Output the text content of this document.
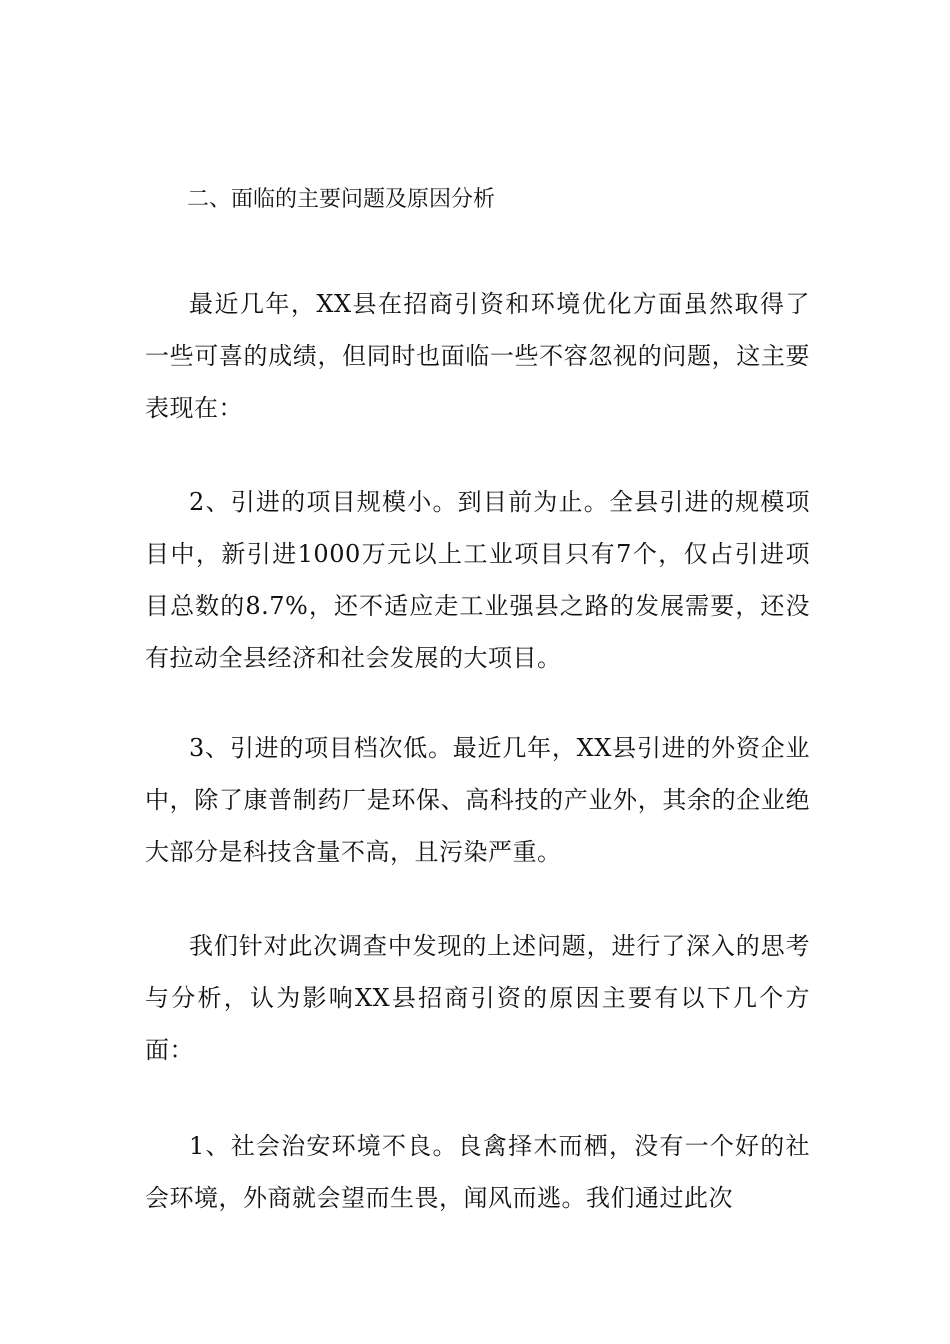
二、面临的主要问题及原因分析

最近几年，XX县在招商引资和环境优化方面虽然取得了一些可喜的成绩，但同时也面临一些不容忽视的问题，这主要表现在：

2、引进的项目规模小。到目前为止。全县引进的规模项目中，新引进1000万元以上工业项目只有7个，仅占引进项目总数的8.7%，还不适应走工业强县之路的发展需要，还没有拉动全县经济和社会发展的大项目。

3、引进的项目档次低。最近几年，XX县引进的外资企业中，除了康普制药厂是环保、高科技的产业外，其余的企业绝大部分是科技含量不高，且污染严重。

我们针对此次调查中发现的上述问题，进行了深入的思考与分析，认为影响XX县招商引资的原因主要有以下几个方面：

1、社会治安环境不良。良禽择木而栖，没有一个好的社会环境，外商就会望而生畏，闻风而逃。我们通过此次
